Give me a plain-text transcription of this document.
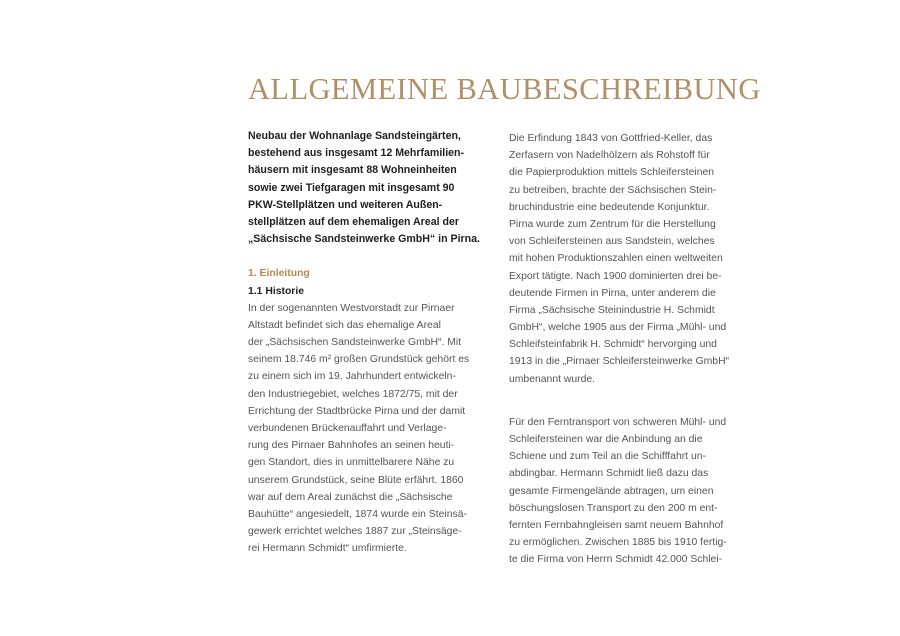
ALLGEMEINE BAUBESCHREIBUNG
Neubau der Wohnanlage Sandsteingärten,
bestehend aus insgesamt 12 Mehrfamilien-
häusern mit insgesamt 88 Wohneinheiten
sowie zwei Tiefgaragen mit insgesamt 90
PKW-Stellplätzen und weiteren Außen-
stellplätzen auf dem ehemaligen Areal der
„Sächsische Sandsteinwerke GmbH“ in Pirna.
1. Einleitung
1.1 Historie
In der sogenannten Westvorstadt zur Pirnaer
Altstadt befindet sich das ehemalige Areal
der „Sächsischen Sandsteinwerke GmbH“. Mit
seinem 18.746 m² großen Grundstück gehört es
zu einem sich im 19. Jahrhundert entwickeln-
den Industriegebiet, welches 1872/75, mit der
Errichtung der Stadtbrücke Pirna und der damit
verbundenen Brückenauffahrt und Verlage-
rung des Pirnaer Bahnhofes an seinen heuti-
gen Standort, dies in unmittelbarere Nähe zu
unserem Grundstück, seine Blüte erfährt. 1860
war auf dem Areal zunächst die „Sächsische
Bauhütte“ angesiedelt, 1874 wurde ein Steinsä-
gewerk errichtet welches 1887 zur „Steinsäge-
rei Hermann Schmidt“ umfirmierte.
Die Erfindung 1843 von Gottfried-Keller, das
Zerfasern von Nadelhölzern als Rohstoff für
die Papierproduktion mittels Schleifersteinen
zu betreiben, brachte der Sächsischen Stein-
bruchindustrie eine bedeutende Konjunktur.
Pirna wurde zum Zentrum für die Herstellung
von Schleifersteinen aus Sandstein, welches
mit hohen Produktionszahlen einen weltweiten
Export tätigte. Nach 1900 dominierten drei be-
deutende Firmen in Pirna, unter anderem die
Firma „Sächsische Steinindustrie H. Schmidt
GmbH“, welche 1905 aus der Firma „Mühl- und
Schleifsteinfabrik H. Schmidt“ hervorging und
1913 in die „Pirnaer Schleifersteinwerke GmbH“
umbenannt wurde.
Für den Ferntransport von schweren Mühl- und
Schleifersteinen war die Anbindung an die
Schiene und zum Teil an die Schifffahrt un-
abdingbar. Hermann Schmidt ließ dazu das
gesamte Firmengelände abtragen, um einen
böschungslosen Transport zu den 200 m ent-
fernten Fernbahngleisen samt neuem Bahnhof
zu ermöglichen. Zwischen 1885 bis 1910 fertig-
te die Firma von Herrn Schmidt 42.000 Schlei-
